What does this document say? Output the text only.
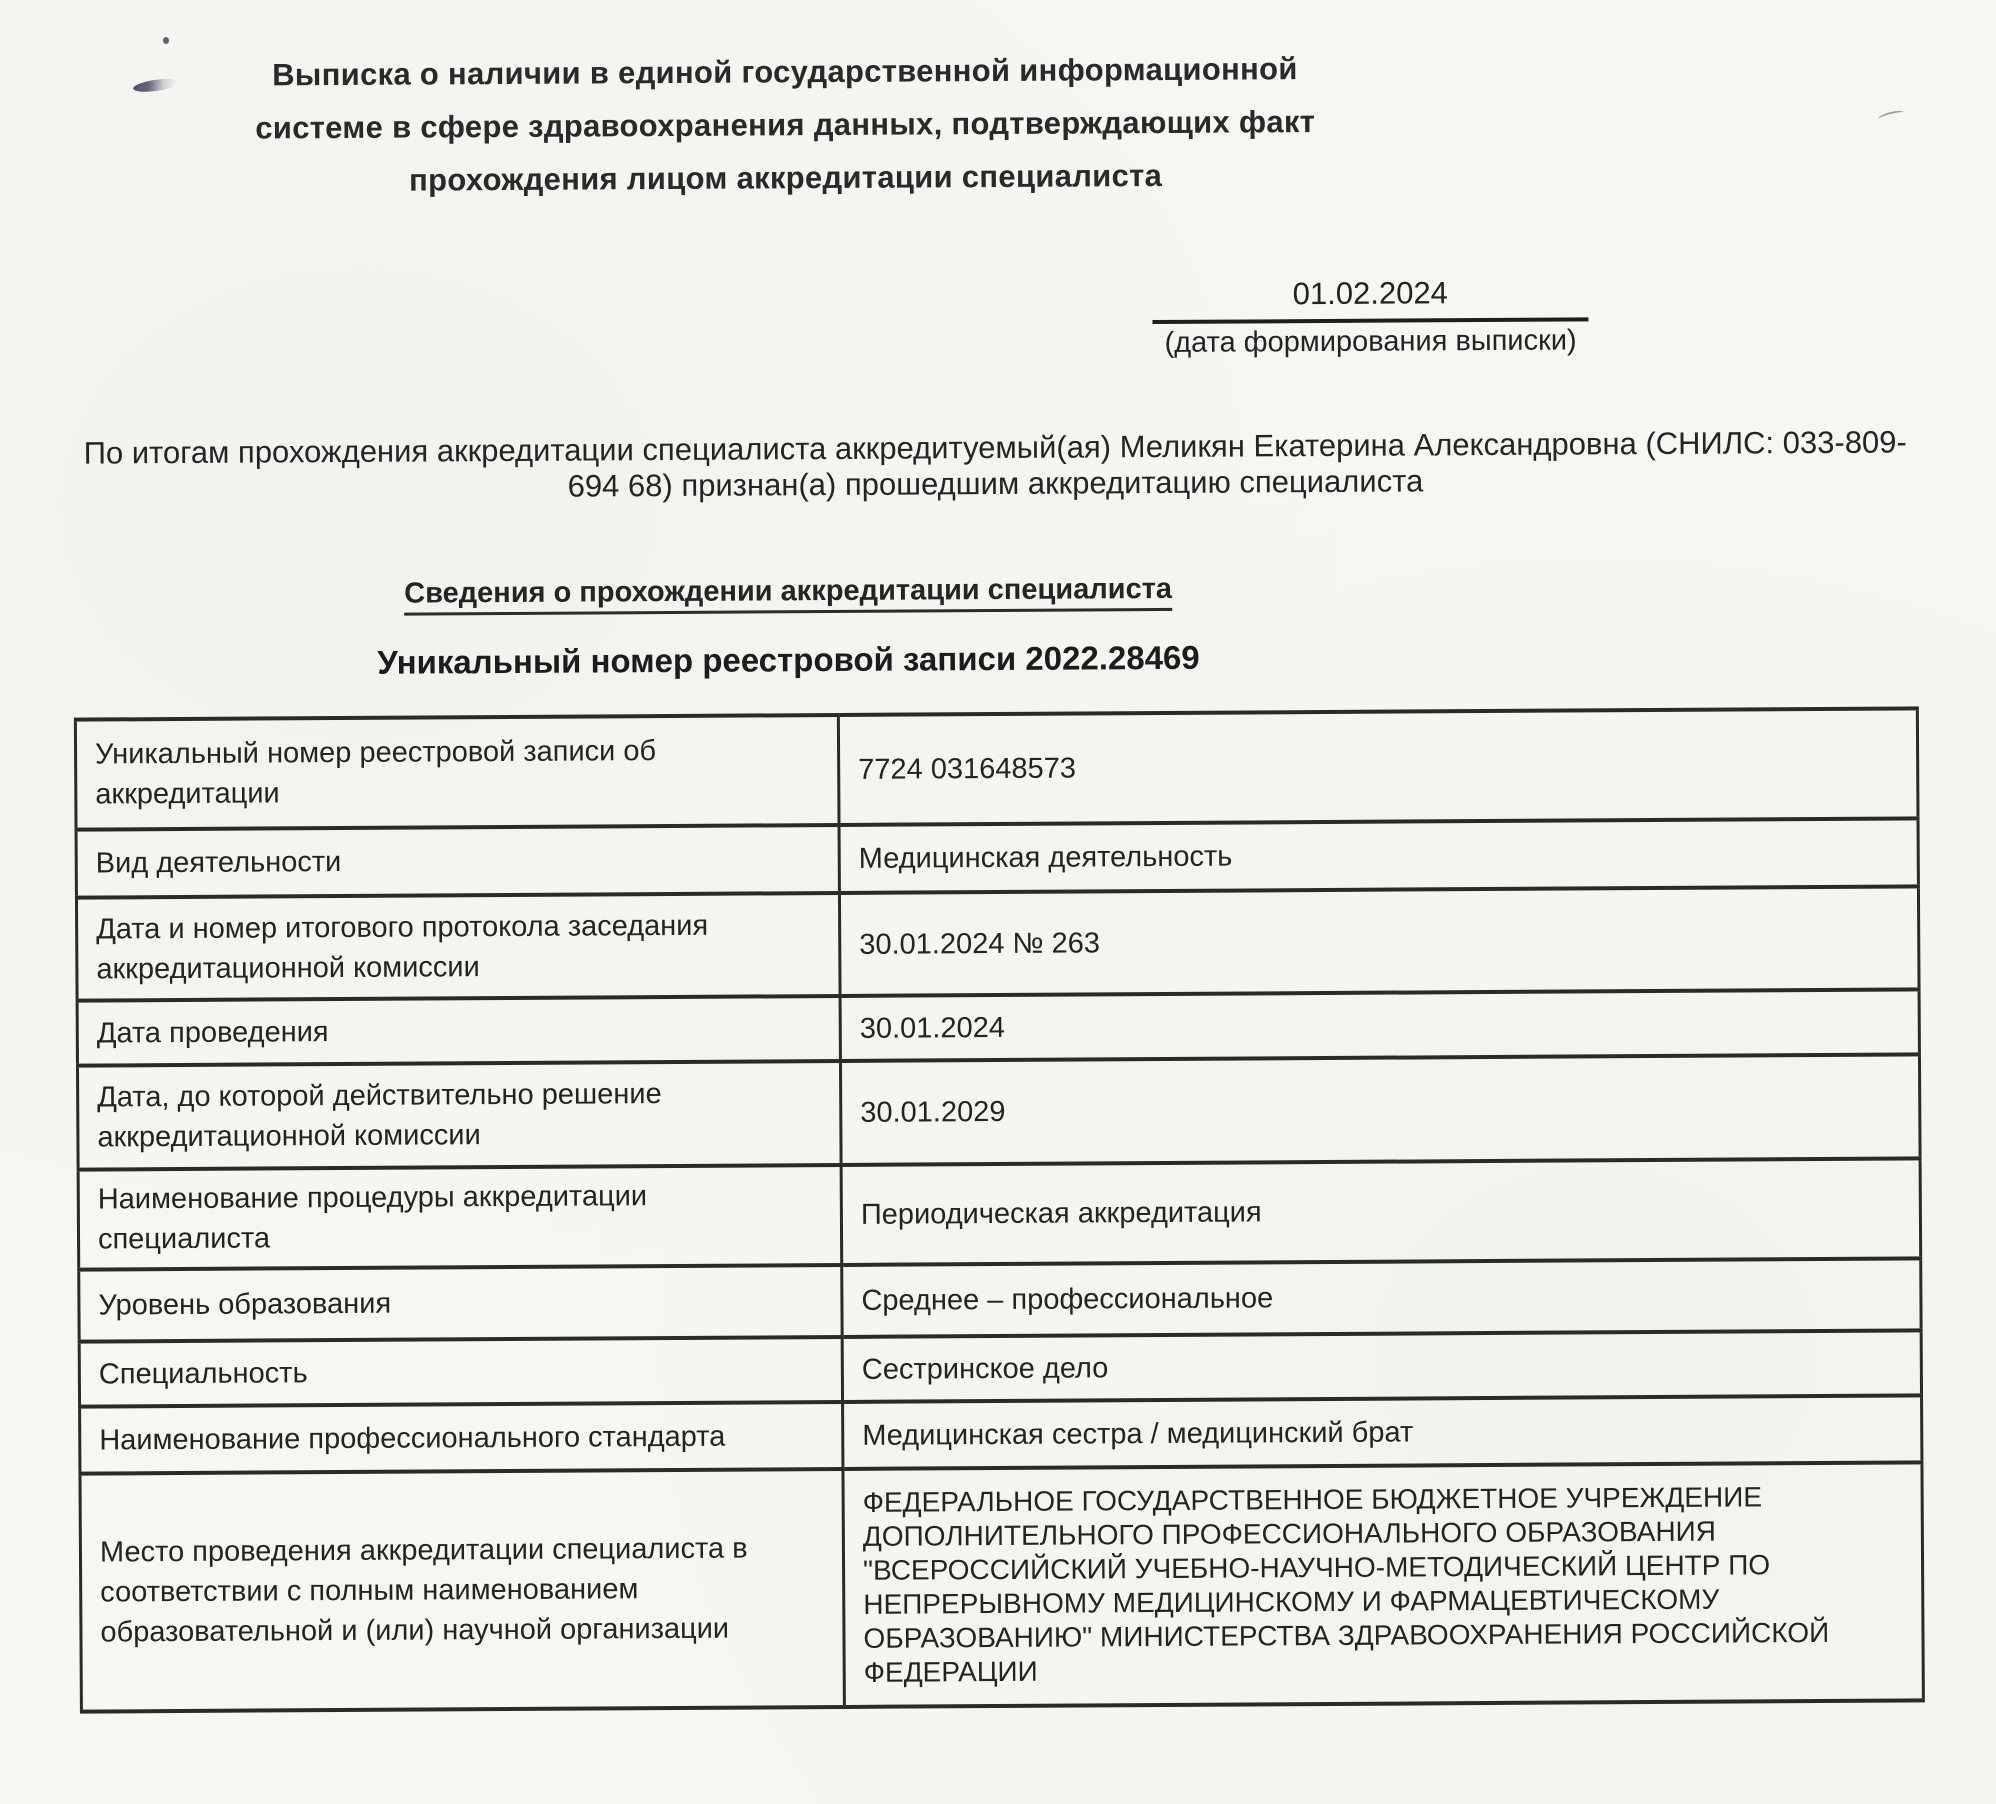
Выписка о наличии в единой государственной информационной
системе в сфере здравоохранения данных, подтверждающих факт
прохождения лицом аккредитации специалиста
01.02.2024
(дата формирования выписки)
По итогам прохождения аккредитации специалиста аккредитуемый(ая) Меликян Екатерина Александровна (СНИЛС: 033-809-694 68) признан(а) прошедшим аккредитацию специалиста
Сведения о прохождении аккредитации специалиста
Уникальный номер реестровой записи 2022.28469
Уникальный номер реестровой записи об аккредитации	7724 031648573
Вид деятельности	Медицинская деятельность
Дата и номер итогового протокола заседания аккредитационной комиссии	30.01.2024 № 263
Дата проведения	30.01.2024
Дата, до которой действительно решение аккредитационной комиссии	30.01.2029
Наименование процедуры аккредитации специалиста	Периодическая аккредитация
Уровень образования	Среднее – профессиональное
Специальность	Сестринское дело
Наименование профессионального стандарта	Медицинская сестра / медицинский брат
Место проведения аккредитации специалиста в соответствии с полным наименованием образовательной и (или) научной организации	ФЕДЕРАЛЬНОЕ ГОСУДАРСТВЕННОЕ БЮДЖЕТНОЕ УЧРЕЖДЕНИЕ ДОПОЛНИТЕЛЬНОГО ПРОФЕССИОНАЛЬНОГО ОБРАЗОВАНИЯ "ВСЕРОССИЙСКИЙ УЧЕБНО-НАУЧНО-МЕТОДИЧЕСКИЙ ЦЕНТР ПО НЕПРЕРЫВНОМУ МЕДИЦИНСКОМУ И ФАРМАЦЕВТИЧЕСКОМУ ОБРАЗОВАНИЮ" МИНИСТЕРСТВА ЗДРАВООХРАНЕНИЯ РОССИЙСКОЙ ФЕДЕРАЦИИ
